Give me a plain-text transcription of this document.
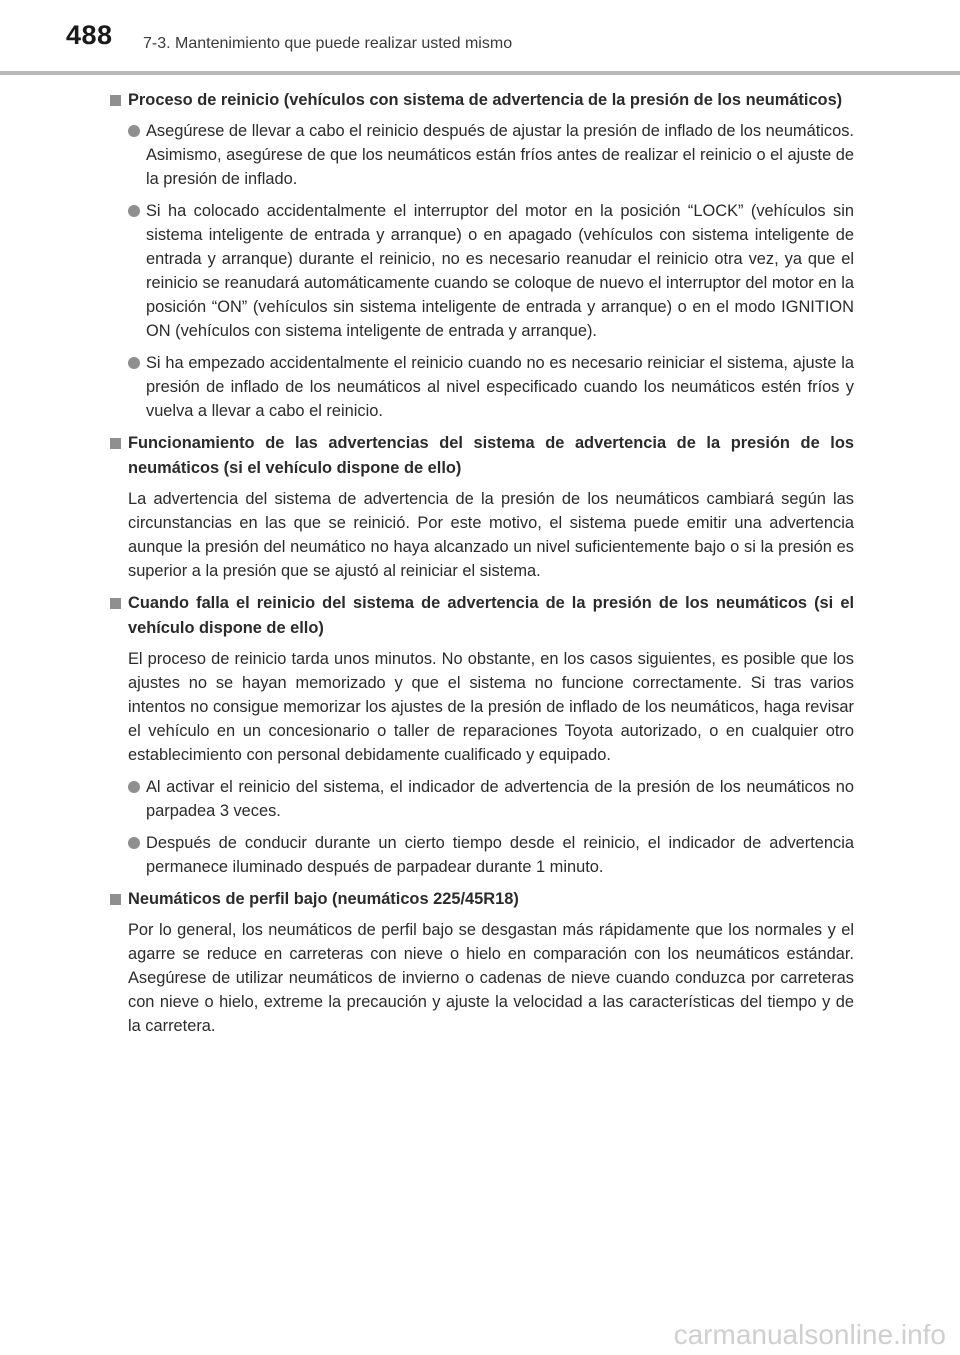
488 7-3. Mantenimiento que puede realizar usted mismo
Proceso de reinicio (vehículos con sistema de advertencia de la presión de los neumáticos)

Asegúrese de llevar a cabo el reinicio después de ajustar la presión de inflado de los neumáticos.

Asimismo, asegúrese de que los neumáticos están fríos antes de realizar el reinicio o el ajuste de la presión de inflado.

Si ha colocado accidentalmente el interruptor del motor en la posición “LOCK” (vehículos sin sistema inteligente de entrada y arranque) o en apagado (vehículos con sistema inteligente de entrada y arranque) durante el reinicio, no es necesario reanudar el reinicio otra vez, ya que el reinicio se reanudará automáticamente cuando se coloque de nuevo el interruptor del motor en la posición “ON” (vehículos sin sistema inteligente de entrada y arranque) o en el modo IGNITION ON (vehículos con sistema inteligente de entrada y arranque).

Si ha empezado accidentalmente el reinicio cuando no es necesario reiniciar el sistema, ajuste la presión de inflado de los neumáticos al nivel especificado cuando los neumáticos estén fríos y vuelva a llevar a cabo el reinicio.

Funcionamiento de las advertencias del sistema de advertencia de la presión de los neumáticos (si el vehículo dispone de ello)

La advertencia del sistema de advertencia de la presión de los neumáticos cambiará según las circunstancias en las que se reinició. Por este motivo, el sistema puede emitir una advertencia aunque la presión del neumático no haya alcanzado un nivel suficientemente bajo o si la presión es superior a la presión que se ajustó al reiniciar el sistema.

Cuando falla el reinicio del sistema de advertencia de la presión de los neumáticos (si el vehículo dispone de ello)

El proceso de reinicio tarda unos minutos. No obstante, en los casos siguientes, es posible que los ajustes no se hayan memorizado y que el sistema no funcione correctamente. Si tras varios intentos no consigue memorizar los ajustes de la presión de inflado de los neumáticos, haga revisar el vehículo en un concesionario o taller de reparaciones Toyota autorizado, o en cualquier otro establecimiento con personal debidamente cualificado y equipado.

Al activar el reinicio del sistema, el indicador de advertencia de la presión de los neumáticos no parpadea 3 veces.

Después de conducir durante un cierto tiempo desde el reinicio, el indicador de advertencia permanece iluminado después de parpadear durante 1 minuto.

Neumáticos de perfil bajo (neumáticos 225/45R18)

Por lo general, los neumáticos de perfil bajo se desgastan más rápidamente que los normales y el agarre se reduce en carreteras con nieve o hielo en comparación con los neumáticos estándar. Asegúrese de utilizar neumáticos de invierno o cadenas de nieve cuando conduzca por carreteras con nieve o hielo, extreme la precaución y ajuste la velocidad a las características del tiempo y de la carretera.

carmanualsonline.info
